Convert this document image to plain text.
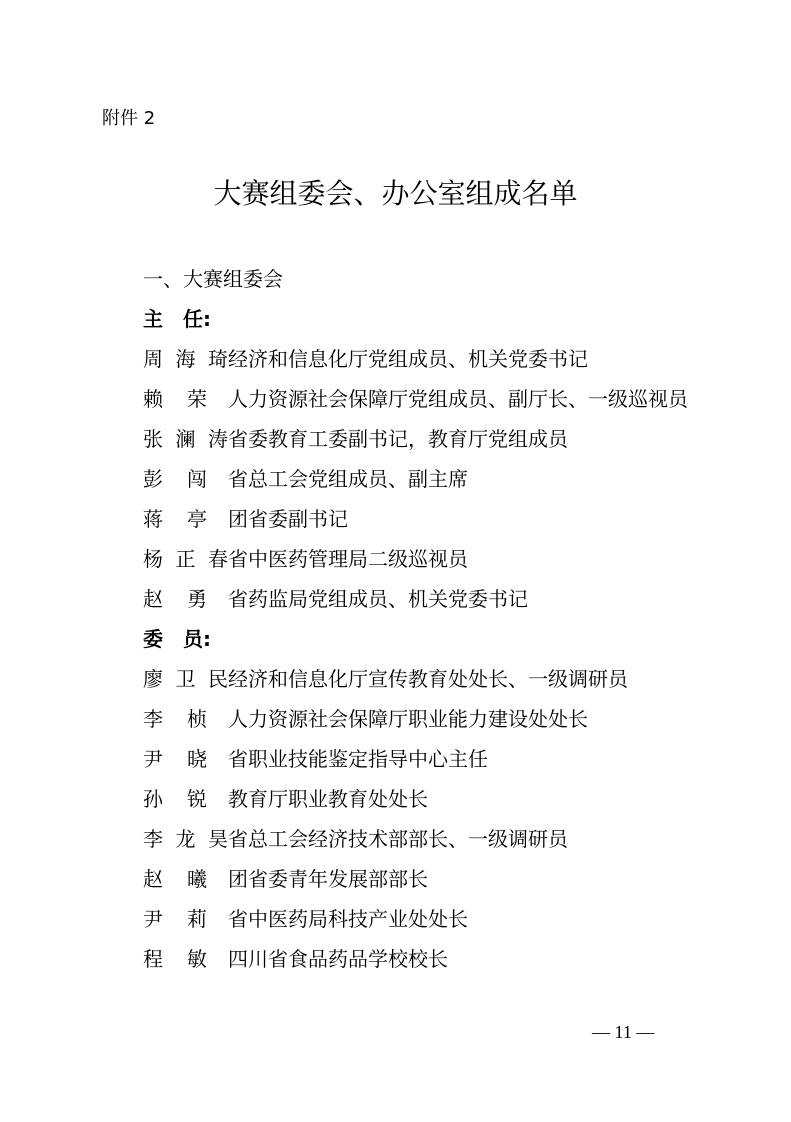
附件 2
大赛组委会、办公室组成名单
一、大赛组委会
主　任:
周海琦经济和信息化厅党组成员、机关党委书记
赖荣 人力资源社会保障厅党组成员、副厅长、一级巡视员
张澜涛省委教育工委副书记，教育厅党组成员
彭闯 省总工会党组成员、副主席
蒋亭 团省委副书记
杨正春省中医药管理局二级巡视员
赵勇 省药监局党组成员、机关党委书记
委　员:
廖卫民经济和信息化厅宣传教育处处长、一级调研员
李桢 人力资源社会保障厅职业能力建设处处长
尹晓 省职业技能鉴定指导中心主任
孙锐 教育厅职业教育处处长
李龙昊省总工会经济技术部部长、一级调研员
赵曦 团省委青年发展部部长
尹莉 省中医药局科技产业处处长
程敏 四川省食品药品学校校长
— 11 —
